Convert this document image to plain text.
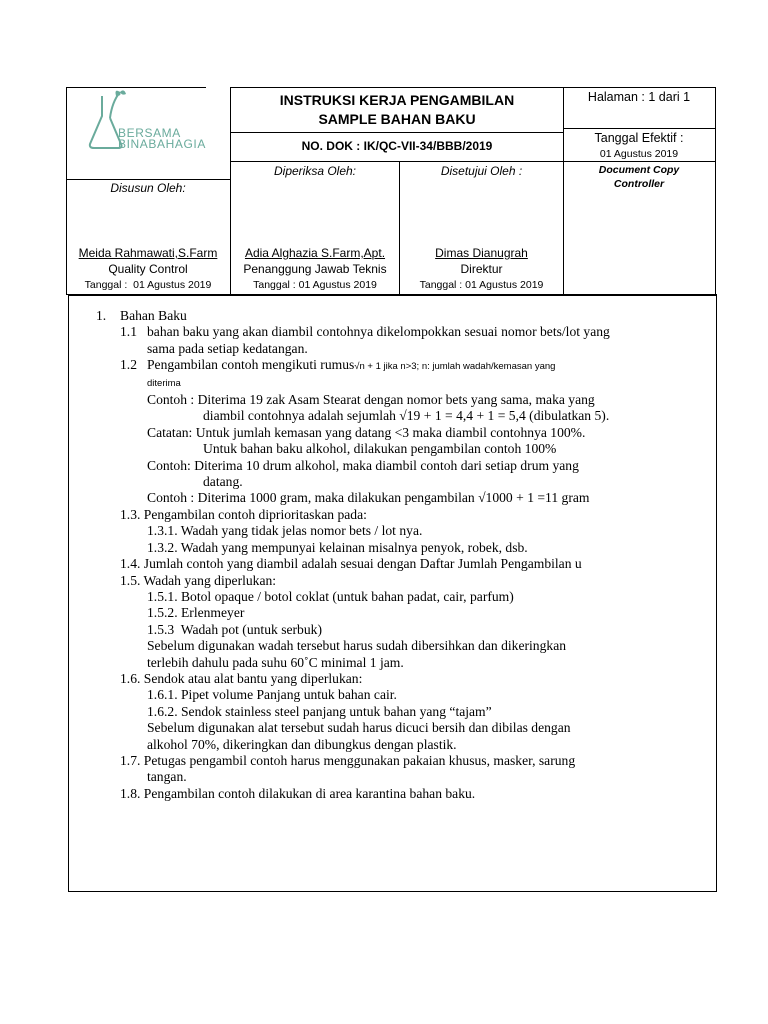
BERSAMA
BINABAHAGIA
INSTRUKSI KERJA PENGAMBILAN
SAMPLE BAHAN BAKU
NO. DOK : IK/QC-VII-34/BBB/2019
Halaman : 1 dari 1
Tanggal Efektif :
01 Agustus 2019
Document Copy
Controller
Disusun Oleh:
Meida Rahmawati,S.Farm
Quality Control
Tanggal :  01 Agustus 2019
Diperiksa Oleh:
Adia Alghazia S.Farm,Apt.
Penanggung Jawab Teknis
Tanggal : 01 Agustus 2019
Disetujui Oleh :
Dimas Dianugrah
Direktur
Tanggal : 01 Agustus 2019
1.	Bahan Baku
1.1 bahan baku yang akan diambil contohnya dikelompokkan sesuai nomor bets/lot yang
sama pada setiap kedatangan.
1.2 Pengambilan contoh mengikuti rumus √n + 1 jika n>3; n: jumlah wadah/kemasan yang
diterima
Contoh : Diterima 19 zak Asam Stearat dengan nomor bets yang sama, maka yang
diambil contohnya adalah sejumlah √19 + 1 = 4,4 + 1 = 5,4 (dibulatkan 5).
Catatan: Untuk jumlah kemasan yang datang <3 maka diambil contohnya 100%.
Untuk bahan baku alkohol, dilakukan pengambilan contoh 100%
Contoh: Diterima 10 drum alkohol, maka diambil contoh dari setiap drum yang
datang.
Contoh : Diterima 1000 gram, maka dilakukan pengambilan √1000 + 1 =11 gram
1.3. Pengambilan contoh diprioritaskan pada:
1.3.1. Wadah yang tidak jelas nomor bets / lot nya.
1.3.2. Wadah yang mempunyai kelainan misalnya penyok, robek, dsb.
1.4. Jumlah contoh yang diambil adalah sesuai dengan Daftar Jumlah Pengambilan u
1.5. Wadah yang diperlukan:
1.5.1. Botol opaque / botol coklat (untuk bahan padat, cair, parfum)
1.5.2. Erlenmeyer
1.5.3  Wadah pot (untuk serbuk)
Sebelum digunakan wadah tersebut harus sudah dibersihkan dan dikeringkan
terlebih dahulu pada suhu 60˚C minimal 1 jam.
1.6. Sendok atau alat bantu yang diperlukan:
1.6.1. Pipet volume Panjang untuk bahan cair.
1.6.2. Sendok stainless steel panjang untuk bahan yang “tajam”
Sebelum digunakan alat tersebut sudah harus dicuci bersih dan dibilas dengan
alkohol 70%, dikeringkan dan dibungkus dengan plastik.
1.7. Petugas pengambil contoh harus menggunakan pakaian khusus, masker, sarung
tangan.
1.8. Pengambilan contoh dilakukan di area karantina bahan baku.
